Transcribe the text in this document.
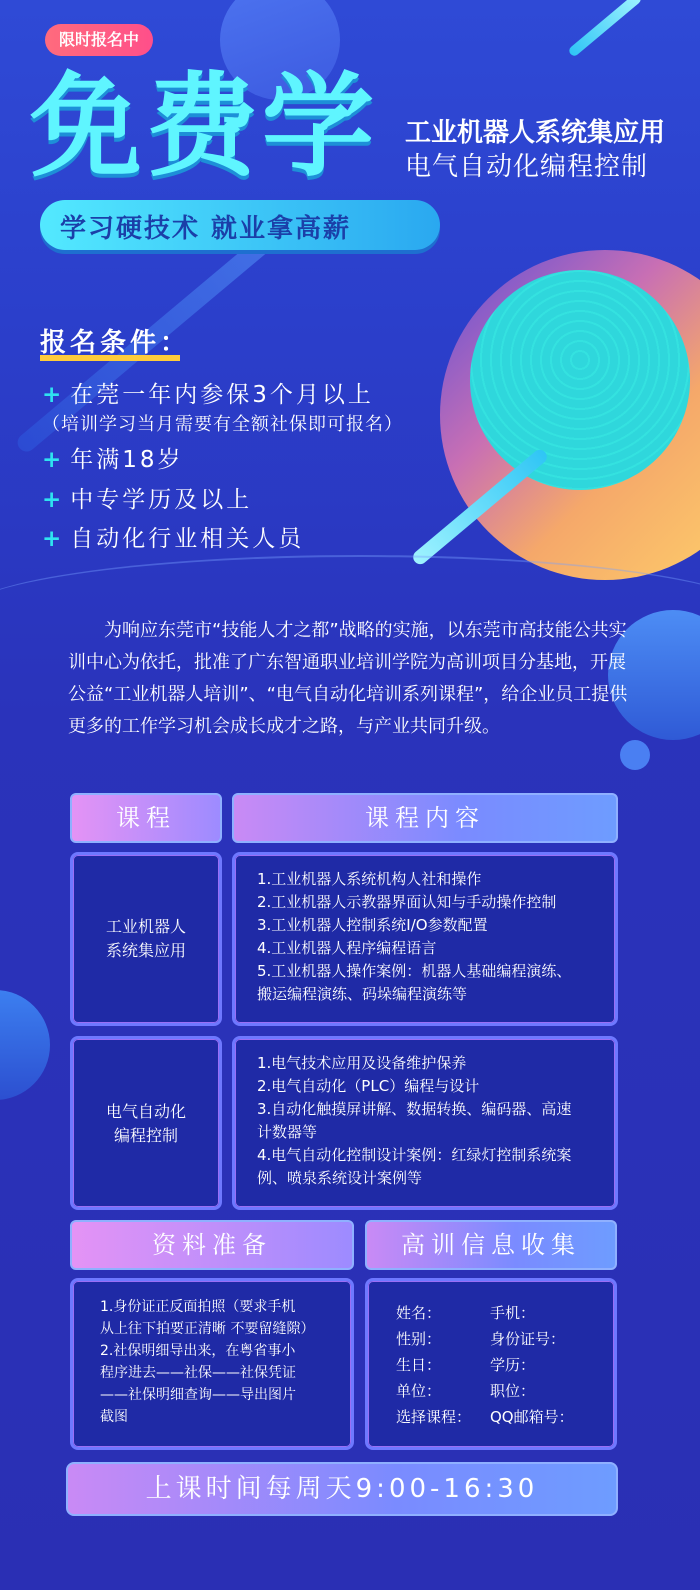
限时报名中
免费学 工业机器人系统集应用
电气自动化编程控制
学习硬技术 就业拿高薪
报名条件：
+ 在莞一年内参保3个月以上
（培训学习当月需要有全额社保即可报名）
+ 年满18岁
+ 中专学历及以上
+ 自动化行业相关人员
为响应东莞市“技能人才之都”战略的实施，以东莞市高技能公共实训中心为依托，批准了广东智通职业培训学院为高训项目分基地，开展公益“工业机器人培训”、“电气自动化培训系列课程”，给企业员工提供更多的工作学习机会成长成才之路，与产业共同升级。
课程	课程内容
工业机器人
系统集应用
1.工业机器人系统机构人社和操作
2.工业机器人示教器界面认知与手动操作控制
3.工业机器人控制系统I/O参数配置
4.工业机器人程序编程语言
5.工业机器人操作案例：机器人基础编程演练、
搬运编程演练、码垛编程演练等
电气自动化
编程控制
1.电气技术应用及设备维护保养
2.电气自动化（PLC）编程与设计
3.自动化触摸屏讲解、数据转换、编码器、高速
计数器等
4.电气自动化控制设计案例：红绿灯控制系统案
例、喷泉系统设计案例等
资料准备
1.身份证正反面拍照（要求手机
从上往下拍要正清晰 不要留缝隙）
2.社保明细导出来，在粤省事小
程序进去——社保——社保凭证
——社保明细查询——导出图片
截图
高训信息收集
姓名：
性别：
生日：
单位：
选择课程：
手机：
身份证号：
学历：
职位：
QQ邮箱号：
上课时间每周天9:00-16:30
